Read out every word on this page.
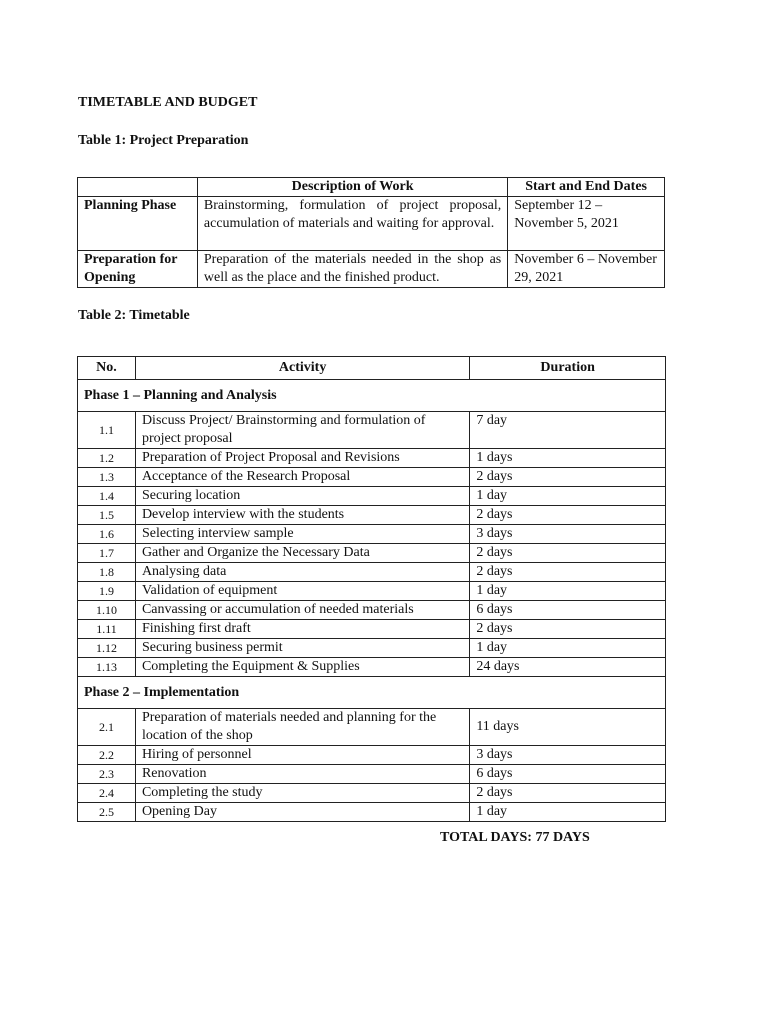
TIMETABLE AND BUDGET
Table 1: Project Preparation
	Description of Work	Start and End Dates
Planning Phase	Brainstorming, formulation of project proposal, accumulation of materials and waiting for approval.	September 12 – November 5, 2021
Preparation for Opening	Preparation of the materials needed in the shop as well as the place and the finished product.	November 6 – November 29, 2021
Table 2: Timetable
No.	Activity	Duration
Phase 1 – Planning and Analysis		
1.1	Discuss Project/ Brainstorming and formulation of project proposal	7 day
1.2	Preparation of Project Proposal and Revisions	1 days
1.3	Acceptance of the Research Proposal	2 days
1.4	Securing location	1 day
1.5	Develop interview with the students	2 days
1.6	Selecting interview sample	3 days
1.7	Gather and Organize the Necessary Data	2 days
1.8	Analysing data	2 days
1.9	Validation of equipment	1 day
1.10	Canvassing or accumulation of needed materials	6 days
1.11	Finishing first draft	2 days
1.12	Securing business permit	1 day
1.13	Completing the Equipment & Supplies	24 days
Phase 2 – Implementation		
2.1	Preparation of materials needed and planning for the location of the shop	11 days
2.2	Hiring of personnel	3 days
2.3	Renovation	6 days
2.4	Completing the study	2 days
2.5	Opening Day	1 day
TOTAL DAYS: 77 DAYS
